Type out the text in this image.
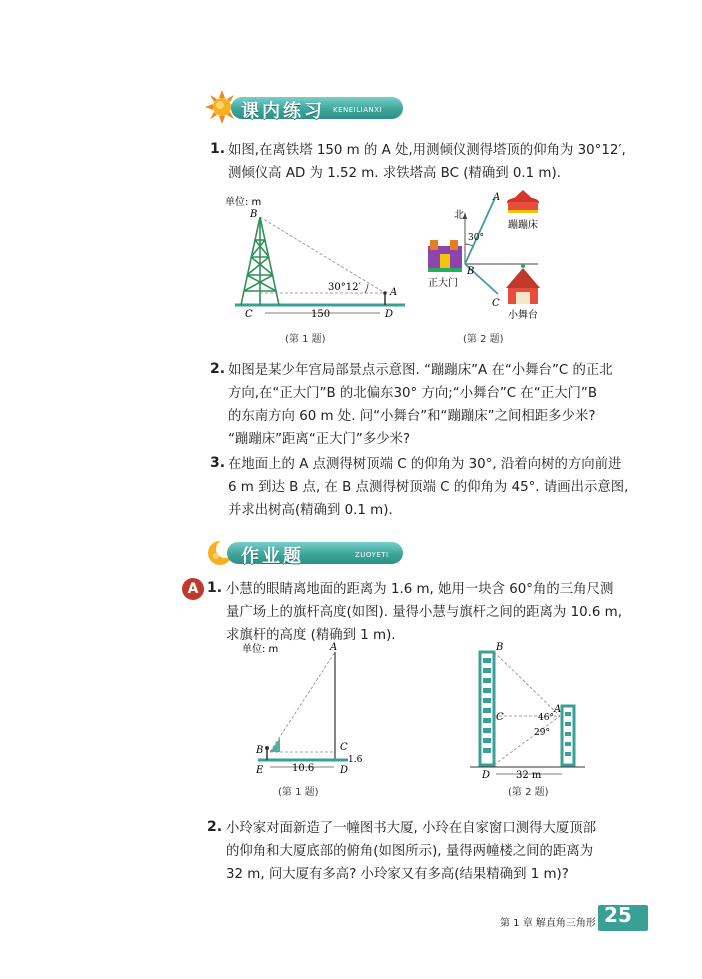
课内练习 KENEILIANXI
1. 如图,在离铁塔 150 m 的 A 处,用测倾仪测得塔顶的仰角为 30°12′,
测倾仪高 AD 为 1.52 m. 求铁塔高 BC (精确到 0.1 m).
单位: m
30°12′
B
C
A
D
150
(第 1 题)
北
30°
A
B
C
蹦蹦床
正大门
小舞台
(第 2 题)
2. 如图是某少年宫局部景点示意图. “蹦蹦床”A 在“小舞台”C 的正北
方向,在“正大门”B 的北偏东30° 方向;“小舞台”C 在“正大门”B
的东南方向 60 m 处. 问“小舞台”和“蹦蹦床”之间相距多少米?
“蹦蹦床”距离“正大门”多少米?
3. 在地面上的 A 点测得树顶端 C 的仰角为 30°, 沿着向树的方向前进
6 m 到达 B 点, 在 B 点测得树顶端 C 的仰角为 45°. 请画出示意图,
并求出树高(精确到 0.1 m).
作业题	ZUOYETI
A 1. 小慧的眼睛离地面的距离为 1.6 m, 她用一块含 60°角的三角尺测
量广场上的旗杆高度(如图). 量得小慧与旗杆之间的距离为 10.6 m,
求旗杆的高度 (精确到 1 m).
单位: m	A
B	C
D
E
1.6
10.6
(第 1 题)
B
C
A
D
46°
29°
32 m
(第 2 题)
2. 小玲家对面新造了一幢图书大厦, 小玲在自家窗口测得大厦顶部
的仰角和大厦底部的俯角(如图所示), 量得两幢楼之间的距离为
32 m, 问大厦有多高? 小玲家又有多高(结果精确到 1 m)?
第 1 章 解直角三角形 25
